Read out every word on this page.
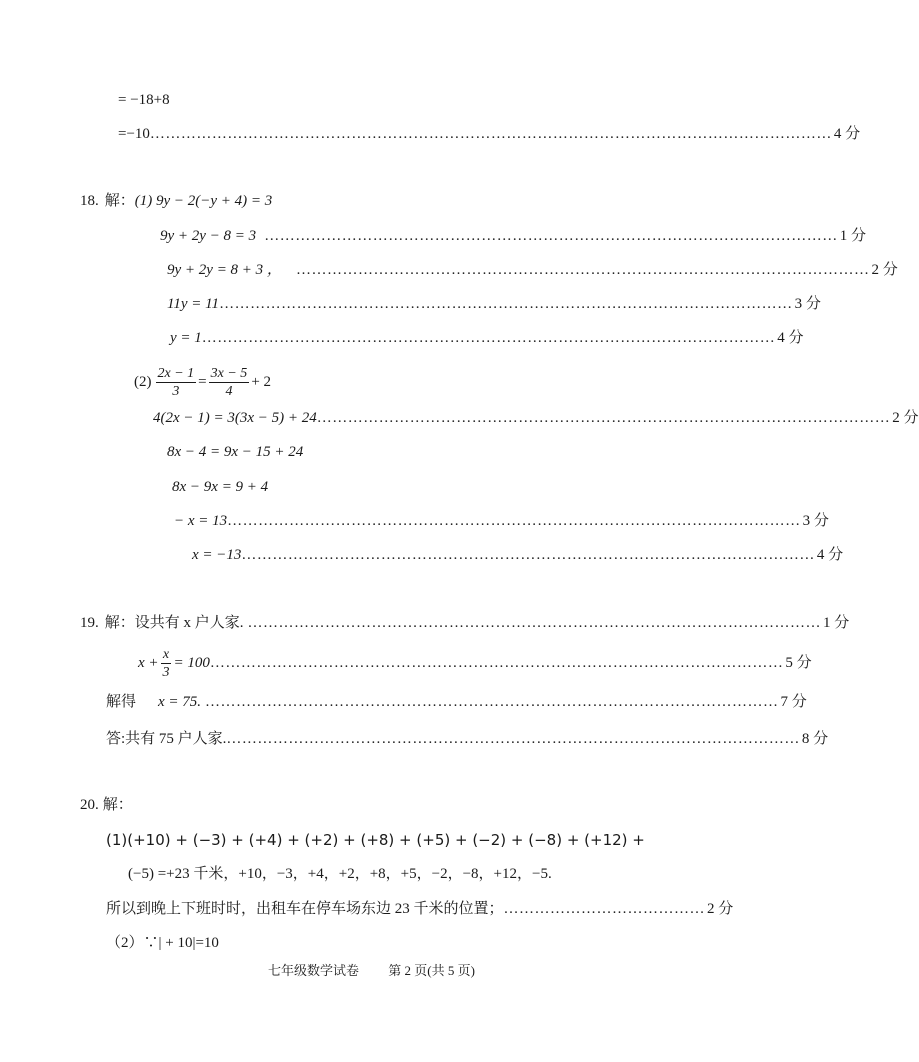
= −18+8
=−10 …………………………………………………………………………………………………………………… 4 分
18. 解： (1) 9y − 2(−y + 4) = 3
9y + 2y − 8 = 3 ………………………………………………………………………………………………… 1 分
9y + 2y = 8 + 3 ， ………………………………………………………………………………………………… 2 分
11y = 11 ………………………………………………………………………………………………… 3 分
y = 1 ………………………………………………………………………………………………… 4 分
$(2) \frac{2x - 1}{3} = \frac{3x - 5}{4} + 2$
4(2x − 1) = 3(3x − 5) + 24 ………………………………………………………………………………………………… 2 分
8x − 4 = 9x − 15 + 24
8x − 9x = 9 + 4
− x = 13 ………………………………………………………………………………………………… 3 分
x = −13 ………………………………………………………………………………………………… 4 分
19. 解：设共有 x 户人家. ………………………………………………………………………………………………… 1 分
$x + \frac{x}{3} = 100$ ………………………………………………………………………………………………… 5 分
解得 x = 75. ………………………………………………………………………………………………… 7 分
答:共有 75 户人家. ………………………………………………………………………………………………… 8 分
20. 解：
(1)(+10) + (−3) + (+4) + (+2) + (+8) + (+5) + (−2) + (−8) + (+12) +
(−5) =+23 千米，+10，−3，+4，+2，+8，+5，−2，−8，+12，−5.
所以到晚上下班时时，出租车在停车场东边 23 千米的位置； ………………………………… 2 分
（2）∵| + 10|=10
七年级数学试卷 第 2 页(共 5 页)
